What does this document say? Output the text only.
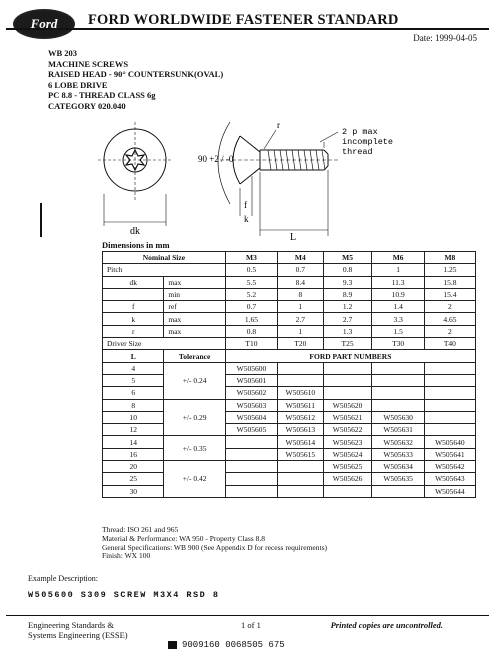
Ford FORD WORLDWIDE FASTENER STANDARD
Date: 1999-04-05
WB 203
MACHINE SCREWS
RAISED HEAD - 90° COUNTERSUNK(OVAL)
6 LOBE DRIVE
PC 8.8 - THREAD CLASS 6g
CATEGORY 020.040
dk
90 +2 / -0
r
f
k
L
2 p max
incomplete
thread
Dimensions in mm
Nominal Size		M3	M4	M5	M6	M8
Pitch		0.5	0.7	0.8	1	1.25
dk	max	5.5	8.4	9.3	11.3	15.8
	min	5.2	8	8.9	10.9	15.4
f	ref	0.7	1	1.2	1.4	2
k	max	1.65	2.7	2.7	3.3	4.65
r	max	0.8	1	1.3	1.5	2
Driver Size		T10	T20	T25	T30	T40
L	Tolerance	FORD PART NUMBERS				
4	+/- 0.24	W505600				
5		W505601				
6		W505602	W505610			
8	+/- 0.29	W505603	W505611	W505620		
10		W505604	W505612	W505621	W505630	
12		W505605	W505613	W505622	W505631	
14	+/- 0.35		W505614	W505623	W505632	W505640
16			W505615	W505624	W505633	W505641
20	+/- 0.42			W505625	W505634	W505642
25				W505626	W505635	W505643
30						W505644
Thread: ISO 261 and 965
Material & Performance: WA 950 - Property Class 8.8
General Specifications: WB 900 (See Appendix D for recess requirements)
Finish: WX 100
Example Description:
W505600 S309 SCREW M3X4 RSD 8
Engineering Standards &
Systems Engineering (ESSE)
1 of 1	Printed copies are uncontrolled.
9009160 0068505 675
